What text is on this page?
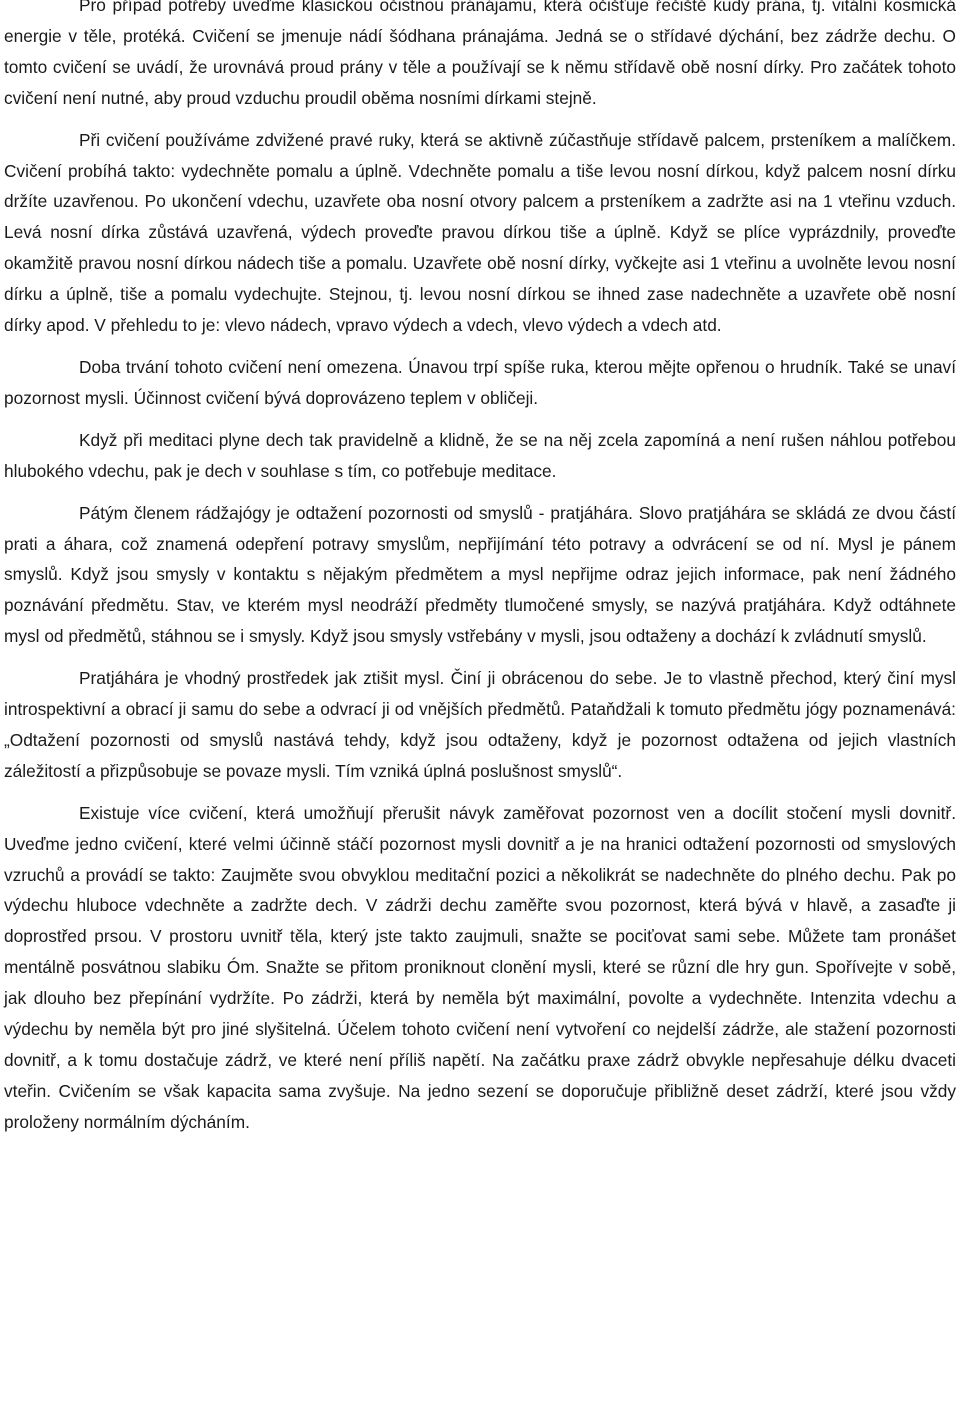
Pro případ potřeby uveďme klasickou očistnou pránájamu, která očišťuje řečiště kudy prána, tj. vitální kosmická energie v těle, protéká. Cvičení se jmenuje nádí šódhana pránajáma. Jedná se o střídavé dýchání, bez zádrže dechu. O tomto cvičení se uvádí, že urovnává proud prány v těle a používají se k němu střídavě obě nosní dírky. Pro začátek tohoto cvičení není nutné, aby proud vzduchu proudil oběma nosními dírkami stejně.

Při cvičení používáme zdvižené pravé ruky, která se aktivně zúčastňuje střídavě palcem, prsteníkem a malíčkem. Cvičení probíhá takto: vydechněte pomalu a úplně. Vdechněte pomalu a tiše levou nosní dírkou, když palcem nosní dírku držíte uzavřenou. Po ukončení vdechu, uzavřete oba nosní otvory palcem a prsteníkem a zadržte asi na 1 vteřinu vzduch. Levá nosní dírka zůstává uzavřená, výdech proveďte pravou dírkou tiše a úplně. Když se plíce vyprázdnily, proveďte okamžitě pravou nosní dírkou nádech tiše a pomalu. Uzavřete obě nosní dírky, vyčkejte asi 1 vteřinu a uvolněte levou nosní dírku a úplně, tiše a pomalu vydechujte. Stejnou, tj. levou nosní dírkou se ihned zase nadechněte a uzavřete obě nosní dírky apod. V přehledu to je: vlevo nádech, vpravo výdech a vdech, vlevo výdech a vdech atd.

Doba trvání tohoto cvičení není omezena. Únavou trpí spíše ruka, kterou mějte opřenou o hrudník. Také se unaví pozornost mysli. Účinnost cvičení bývá doprovázeno teplem v obličeji.

Když při meditaci plyne dech tak pravidelně a klidně, že se na něj zcela zapomíná a není rušen náhlou potřebou hlubokého vdechu, pak je dech v souhlase s tím, co potřebuje meditace.

Pátým členem rádžajógy je odtažení pozornosti od smyslů - pratjáhára. Slovo pratjáhára se skládá ze dvou částí prati a áhara, což znamená odepření potravy smyslům, nepřijímání této potravy a odvrácení se od ní. Mysl je pánem smyslů. Když jsou smysly v kontaktu s nějakým předmětem a mysl nepřijme odraz jejich informace, pak není žádného poznávání předmětu. Stav, ve kterém mysl neodráží předměty tlumočené smysly, se nazývá pratjáhára. Když odtáhnete mysl od předmětů, stáhnou se i smysly. Když jsou smysly vstřebány v mysli, jsou odtaženy a dochází k zvládnutí smyslů.

Pratjáhára je vhodný prostředek jak ztišit mysl. Činí ji obrácenou do sebe. Je to vlastně přechod, který činí mysl introspektivní a obrací ji samu do sebe a odvrací ji od vnějších předmětů. Pataňdžali k tomuto předmětu jógy poznamenává: „Odtažení pozornosti od smyslů nastává tehdy, když jsou odtaženy, když je pozornost odtažena od jejich vlastních záležitostí a přizpůsobuje se povaze mysli. Tím vzniká úplná poslušnost smyslů“.

Existuje více cvičení, která umožňují přerušit návyk zaměřovat pozornost ven a docílit stočení mysli dovnitř. Uveďme jedno cvičení, které velmi účinně stáčí pozornost mysli dovnitř a je na hranici odtažení pozornosti od smyslových vzruchů a provádí se takto: Zaujměte svou obvyklou meditační pozici a několikrát se nadechněte do plného dechu. Pak po výdechu hluboce vdechněte a zadržte dech. V zádrži dechu zaměřte svou pozornost, která bývá v hlavě, a zasaďte ji doprostřed prsou. V prostoru uvnitř těla, který jste takto zaujmuli, snažte se pociťovat sami sebe. Můžete tam pronášet mentálně posvátnou slabiku Óm. Snažte se přitom proniknout clonění mysli, které se různí dle hry gun. Spořívejte v sobě, jak dlouho bez přepínání vydržíte. Po zádrži, která by neměla být maximální, povolte a vydechněte. Intenzita vdechu a výdechu by neměla být pro jiné slyšitelná. Účelem tohoto cvičení není vytvoření co nejdelší zádrže, ale stažení pozornosti dovnitř, a k tomu dostačuje zádrž, ve které není příliš napětí. Na začátku praxe zádrž obvykle nepřesahuje délku dvaceti vteřin. Cvičením se však kapacita sama zvyšuje. Na jedno sezení se doporučuje přibližně deset zádrží, které jsou vždy proloženy normálním dýcháním.
